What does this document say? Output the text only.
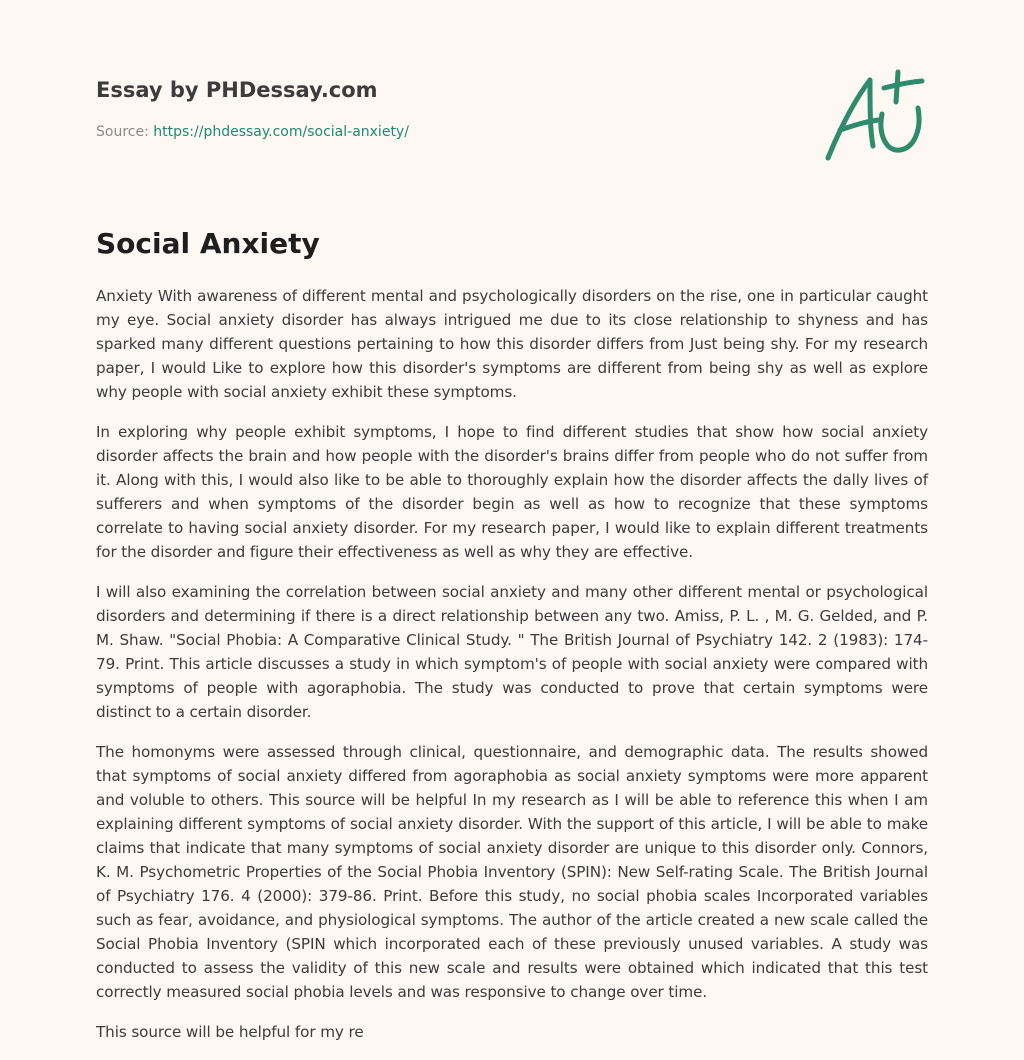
Essay by PHDessay.com
Source: https://phdessay.com/social-anxiety/
Social Anxiety

Anxiety With awareness of different mental and psychologically disorders on the rise, one in particular caught my eye. Social anxiety disorder has always intrigued me due to its close relationship to shyness and has sparked many different questions pertaining to how this disorder differs from Just being shy. For my research paper, I would Like to explore how this disorder's symptoms are different from being shy as well as explore why people with social anxiety exhibit these symptoms.

In exploring why people exhibit symptoms, I hope to find different studies that show how social anxiety disorder affects the brain and how people with the disorder's brains differ from people who do not suffer from it. Along with this, I would also like to be able to thoroughly explain how the disorder affects the dally lives of sufferers and when symptoms of the disorder begin as well as how to recognize that these symptoms correlate to having social anxiety disorder. For my research paper, I would like to explain different treatments for the disorder and figure their effectiveness as well as why they are effective.

I will also examining the correlation between social anxiety and many other different mental or psychological disorders and determining if there is a direct relationship between any two. Amiss, P. L. , M. G. Gelded, and P. M. Shaw. "Social Phobia: A Comparative Clinical Study. " The British Journal of Psychiatry 142. 2 (1983): 174-79. Print. This article discusses a study in which symptom's of people with social anxiety were compared with symptoms of people with agoraphobia. The study was conducted to prove that certain symptoms were distinct to a certain disorder.

The homonyms were assessed through clinical, questionnaire, and demographic data. The results showed that symptoms of social anxiety differed from agoraphobia as social anxiety symptoms were more apparent and voluble to others. This source will be helpful In my research as I will be able to reference this when I am explaining different symptoms of social anxiety disorder. With the support of this article, I will be able to make claims that indicate that many symptoms of social anxiety disorder are unique to this disorder only. Connors, K. M. Psychometric Properties of the Social Phobia Inventory (SPIN): New Self-rating Scale. The British Journal of Psychiatry 176. 4 (2000): 379-86. Print. Before this study, no social phobia scales Incorporated variables such as fear, avoidance, and physiological symptoms. The author of the article created a new scale called the Social Phobia Inventory (SPIN which incorporated each of these previously unused variables. A study was conducted to assess the validity of this new scale and results were obtained which indicated that this test correctly measured social phobia levels and was responsive to change over time.

This source will be helpful for my re
